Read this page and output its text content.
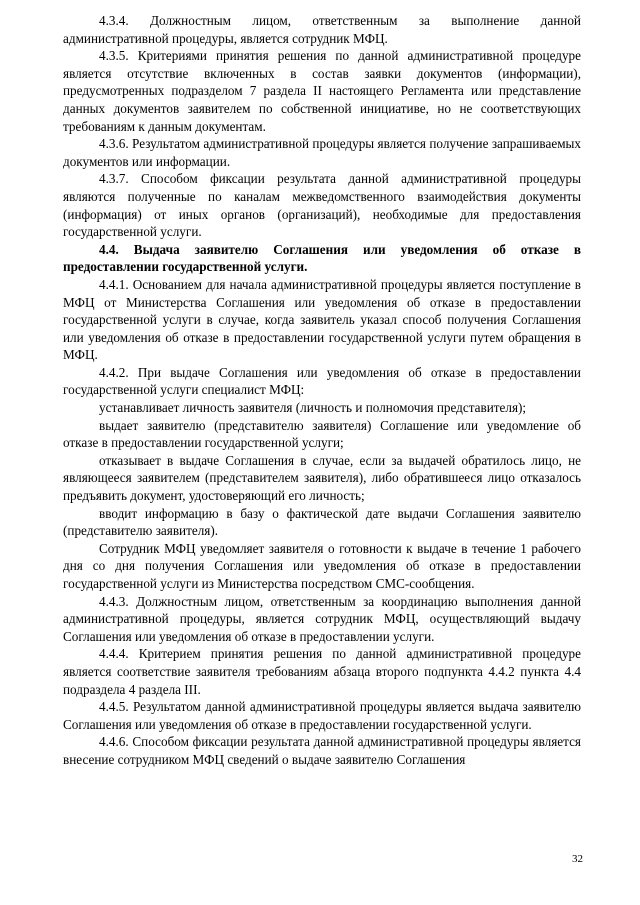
4.3.4. Должностным лицом, ответственным за выполнение данной административной процедуры, является сотрудник МФЦ.

4.3.5. Критериями принятия решения по данной административной процедуре является отсутствие включенных в состав заявки документов (информации), предусмотренных подразделом 7 раздела II настоящего Регламента или представление данных документов заявителем по собственной инициативе, но не соответствующих требованиям к данным документам.

4.3.6. Результатом административной процедуры является получение запрашиваемых документов или информации.

4.3.7. Способом фиксации результата данной административной процедуры являются полученные по каналам межведомственного взаимодействия документы (информация) от иных органов (организаций), необходимые для предоставления государственной услуги.

4.4. Выдача заявителю Соглашения или уведомления об отказе в предоставлении государственной услуги.

4.4.1. Основанием для начала административной процедуры является поступление в МФЦ от Министерства Соглашения или уведомления об отказе в предоставлении государственной услуги в случае, когда заявитель указал способ получения Соглашения или уведомления об отказе в предоставлении государственной услуги путем обращения в МФЦ.

4.4.2. При выдаче Соглашения или уведомления об отказе в предоставлении государственной услуги специалист МФЦ:

устанавливает личность заявителя (личность и полномочия представителя);

выдает заявителю (представителю заявителя) Соглашение или уведомление об отказе в предоставлении государственной услуги;

отказывает в выдаче Соглашения в случае, если за выдачей обратилось лицо, не являющееся заявителем (представителем заявителя), либо обратившееся лицо отказалось предъявить документ, удостоверяющий его личность;

вводит информацию в базу о фактической дате выдачи Соглашения заявителю (представителю заявителя).

Сотрудник МФЦ уведомляет заявителя о готовности к выдаче в течение 1 рабочего дня со дня получения Соглашения или уведомления об отказе в предоставлении государственной услуги из Министерства посредством СМС-сообщения.

4.4.3. Должностным лицом, ответственным за координацию выполнения данной административной процедуры, является сотрудник МФЦ, осуществляющий выдачу Соглашения или уведомления об отказе в предоставлении услуги.

4.4.4. Критерием принятия решения по данной административной процедуре является соответствие заявителя требованиям абзаца второго подпункта 4.4.2 пункта 4.4 подраздела 4 раздела III.

4.4.5. Результатом данной административной процедуры является выдача заявителю Соглашения или уведомления об отказе в предоставлении государственной услуги.

4.4.6. Способом фиксации результата данной административной процедуры является внесение сотрудником МФЦ сведений о выдаче заявителю Соглашения

32
